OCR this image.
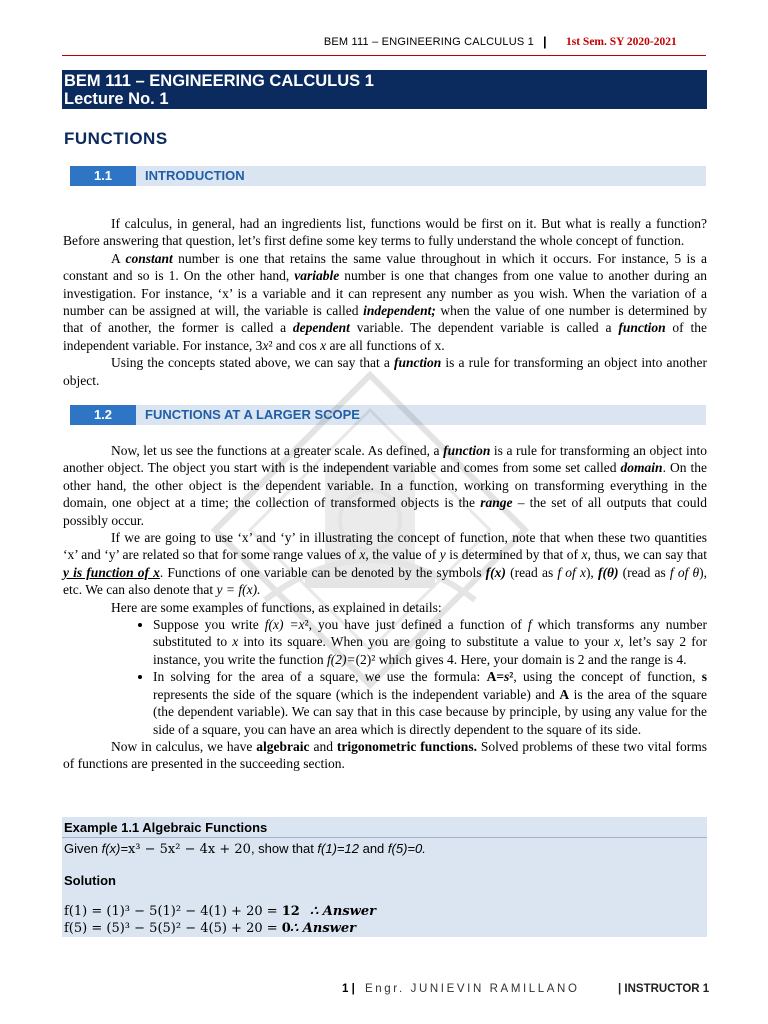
BEM 111 – ENGINEERING CALCULUS 1 | 1st Sem. SY 2020-2021
BEM 111 – ENGINEERING CALCULUS 1
Lecture No. 1
FUNCTIONS
1.1	INTRODUCTION

If calculus, in general, had an ingredients list, functions would be first on it. But what is really a function? Before answering that question, let’s first define some key terms to fully understand the whole concept of function.

A constant number is one that retains the same value throughout in which it occurs. For instance, 5 is a constant and so is 1. On the other hand, variable number is one that changes from one value to another during an investigation. For instance, ‘x’ is a variable and it can represent any number as you wish. When the variation of a number can be assigned at will, the variable is called independent; when the value of one number is determined by that of another, the former is called a dependent variable. The dependent variable is called a function of the independent variable. For instance, 3x² and cos x are all functions of x.

Using the concepts stated above, we can say that a function is a rule for transforming an object into another object.

1.2	FUNCTIONS AT A LARGER SCOPE

Now, let us see the functions at a greater scale. As defined, a function is a rule for transforming an object into another object. The object you start with is the independent variable and comes from some set called domain. On the other hand, the other object is the dependent variable. In a function, working on transforming everything in the domain, one object at a time; the collection of transformed objects is the range – the set of all outputs that could possibly occur.

If we are going to use ‘x’ and ‘y’ in illustrating the concept of function, note that when these two quantities ‘x’ and ‘y’ are related so that for some range values of x, the value of y is determined by that of x, thus, we can say that y is function of x. Functions of one variable can be denoted by the symbols f(x) (read as f of x), f(θ) (read as f of θ), etc. We can also denote that y = f(x).

Here are some examples of functions, as explained in details:

• Suppose you write f(x) =x², you have just defined a function of f which transforms any number substituted to x into its square. When you are going to substitute a value to your x, let’s say 2 for instance, you write the function f(2)=(2)² which gives 4. Here, your domain is 2 and the range is 4.
• In solving for the area of a square, we use the formula: A=s², using the concept of function, s represents the side of the square (which is the independent variable) and A is the area of the square (the dependent variable). We can say that in this case because by principle, by using any value for the side of a square, you can have an area which is directly dependent to the square of its side.

Now in calculus, we have algebraic and trigonometric functions. Solved problems of these two vital forms of functions are presented in the succeeding section.

Example 1.1 Algebraic Functions
Given f(x)=x³ − 5x² − 4x + 20, show that f(1)=12 and f(5)=0.
Solution
f(1) = (1)³ − 5(1)² − 4(1) + 20 = 12 ∴ Answer
f(5) = (5)³ − 5(5)² − 4(5) + 20 = 0 ∴ Answer
1 | Engr. JUNIEVIN RAMILLANO	| INSTRUCTOR 1
